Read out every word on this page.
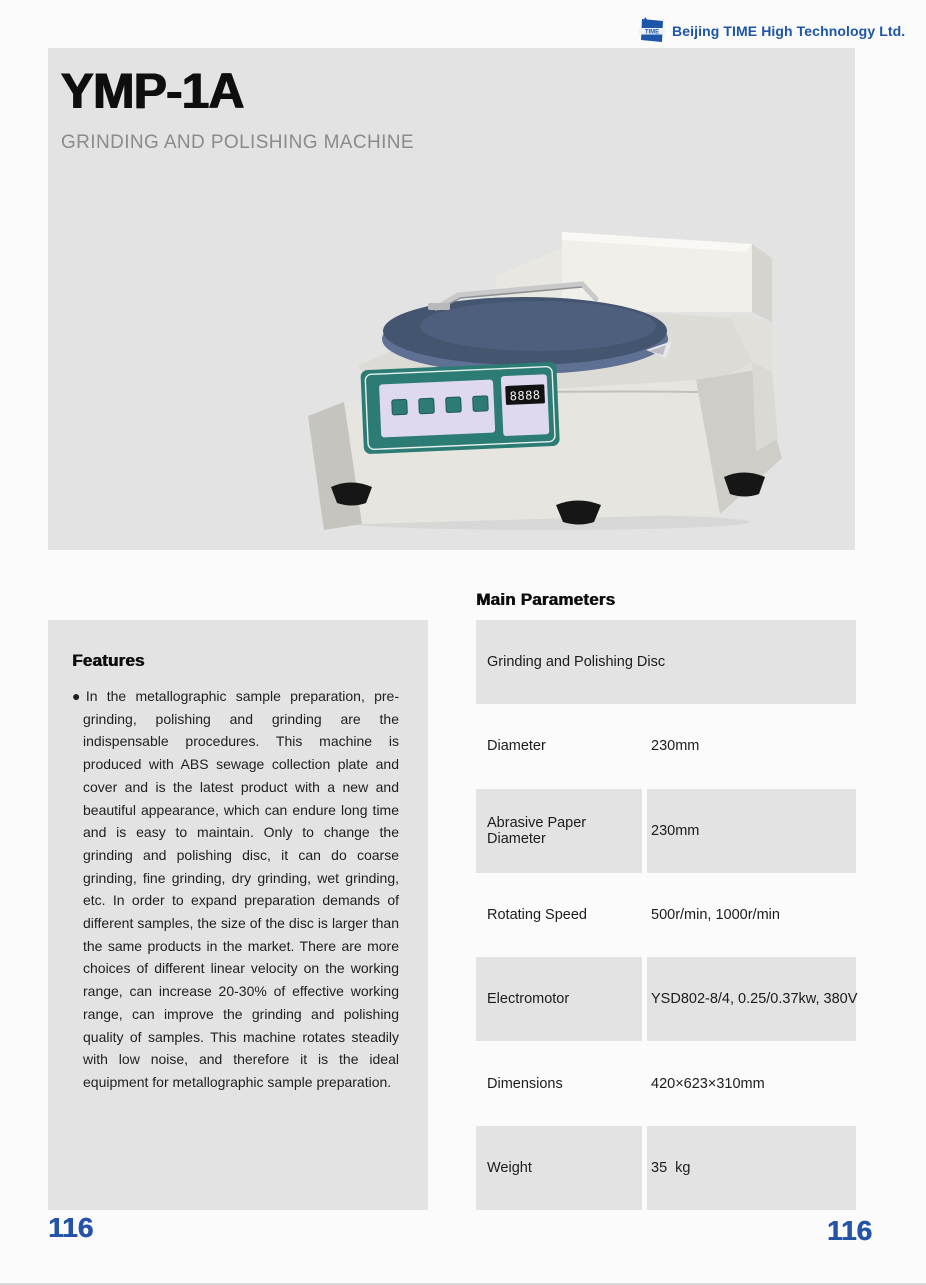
TIME Beijing TIME High Technology Ltd.
YMP-1A
GRINDING AND POLISHING MACHINE
8888
Features

●In the metallographic sample preparation, pre-grinding, polishing and grinding are the indispensable procedures. This machine is produced with ABS sewage collection plate and cover and is the latest product with a new and beautiful appearance, which can endure long time and is easy to maintain. Only to change the grinding and polishing disc, it can do coarse grinding, fine grinding, dry grinding, wet grinding, etc. In order to expand preparation demands of different samples, the size of the disc is larger than the same products in the market. There are more choices of different linear velocity on the working range, can increase 20-30% of effective working range, can improve the grinding and polishing quality of samples. This machine rotates steadily with low noise, and therefore it is the ideal equipment for metallographic sample preparation.

Main Parameters
Grinding and Polishing Disc
Diameter	230mm
Abrasive Paper Diameter	230mm
Rotating Speed	500r/min, 1000r/min
Electromotor	YSD802-8/4, 0.25/0.37kw, 380V
Dimensions	420×623×310mm
Weight	35  kg
116	116
